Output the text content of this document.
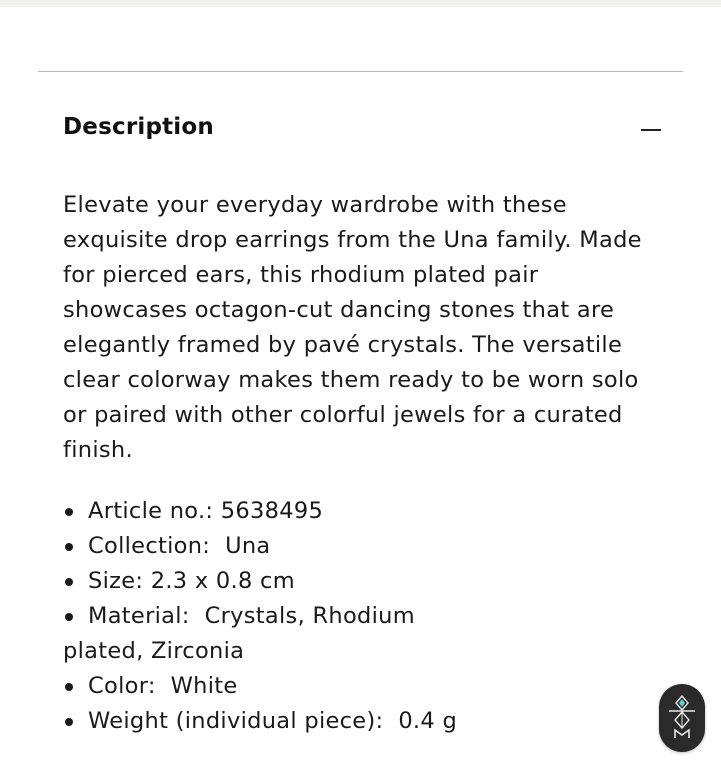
Description

Elevate your everyday wardrobe with these exquisite drop earrings from the Una family. Made for pierced ears, this rhodium plated pair showcases octagon-cut dancing stones that are elegantly framed by pavé crystals. The versatile clear colorway makes them ready to be worn solo or paired with other colorful jewels for a curated finish.

Article no.: 5638495
Collection:  Una
Size: 2.3 x 0.8 cm
Material:  Crystals, Rhodium
plated, Zirconia
Color:  White
Weight (individual piece):  0.4 g
